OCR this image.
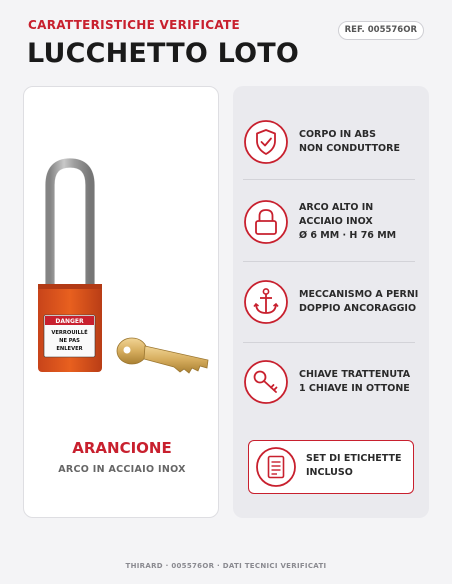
CARATTERISTICHE VERIFICATE	REF. 005576OR
LUCCHETTO LOTO
DANGER
VERROUILLÉ
NE PAS
ENLEVER
ARANCIONE
ARCO IN ACCIAIO INOX
CORPO IN ABS
NON CONDUTTORE
ARCO ALTO IN
ACCIAIO INOX
Ø 6 MM · H 76 MM
MECCANISMO A PERNI
DOPPIO ANCORAGGIO
CHIAVE TRATTENUTA
1 CHIAVE IN OTTONE
SET DI ETICHETTE
INCLUSO
THIRARD · 005576OR · DATI TECNICI VERIFICATI
